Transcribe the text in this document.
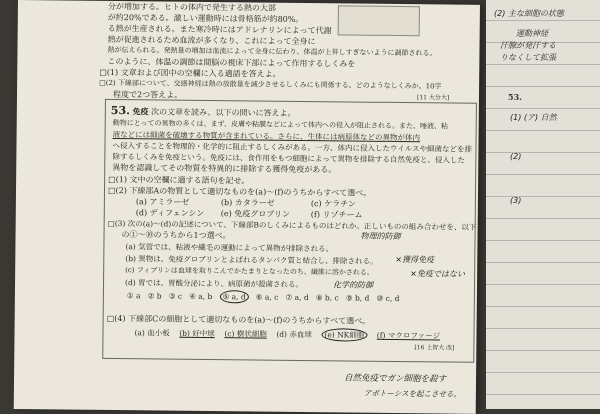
分が増加する。ヒトの体内で発生する熱の大部
が約20%である。激しい運動時には骨格筋が約80%。
る熱が生産される。また寒冷時にはアドレナリンによって代謝
熱が促進されるため血流が多くなり、これによって全身に
熱が伝えられる。発熱量の増加は血流によって全身に伝わり、体温が上昇しすぎないように調節される。
このように、体温の調節は間脳の視床下部によって作用するしくみを
□(1) 文章および図中の空欄に入る適語を答えよ。
□(2) 下線部について、交感神経は熱の放散量を減少させるしくみにも関係する。どのようなしくみか。10字
程度で2つ答えよ。	[11 大分大]
53. 免疫 次の文章を読み、以下の問いに答えよ。
動物にとっての異物の多くは、まず、皮膚や粘膜などによって体内への侵入が阻止される。また、唾液、粘
液などには細菌を破壊する物質が含まれている。さらに、生体には病原体などの異物が体内
へ侵入することを物理的・化学的に阻止するしくみがある。一方、体内に侵入したウイルスや細菌などを排
除するしくみを免疫という。免疫には、食作用をもつ細胞によって異物を排除する自然免疫と、侵入した
異物を認識してその物質を特異的に排除する獲得免疫がある。
□(1) 文中の空欄に適する語句を記せ。
□(2) 下線部Aの物質として適切なものを(a)〜(f)のうちからすべて選べ。
(a) アミラーゼ	(b) カタラーゼ	(c) ケラチン
(d) ディフェンシン (e) 免疫グロブリン	(f) リゾチーム
□(3) 次の(a)〜(d)の記述について、下線部Bのしくみによるものはどれか。正しいものの組み合わせを、以下
の①〜⑩のうちから1つ選べ。	物理的防御
(a) 気管では、粘液や繊毛の運動によって異物が排除される。
(b) 異物は、免疫グロブリンとよばれるタンパク質と結合し、排除される。 ×獲得免疫
(c) フィブリンは血球を取りこんでかたまりとなったのち、繊維に溶かされる。	×免疫ではない
(d) 胃では、胃酸分泌により、病原菌が殺菌される。	化学的防御
① a ② b ③ c ④ a, b ⑤ a, d ⑥ a, c ⑦ a, d ⑧ b, c ⑨ b, d ⑩ c, d
□(4) 下線部Cの細胞として適切なものを(a)〜(f)のうちからすべて選べ。
(a) 血小板 (b) 好中球 (c) 樹状細胞 (d) 赤血球 (e) NK細胞 (f) マクロファージ
[16 上智大 改]
自然免疫でガン細胞を殺す
アポトーシスを起こさせる。
(2) 主な細胞の状態
運動神経
汗腺が発汗する
りなくして拡張
53.
(1) (ア) 自然
(2)
(3)
